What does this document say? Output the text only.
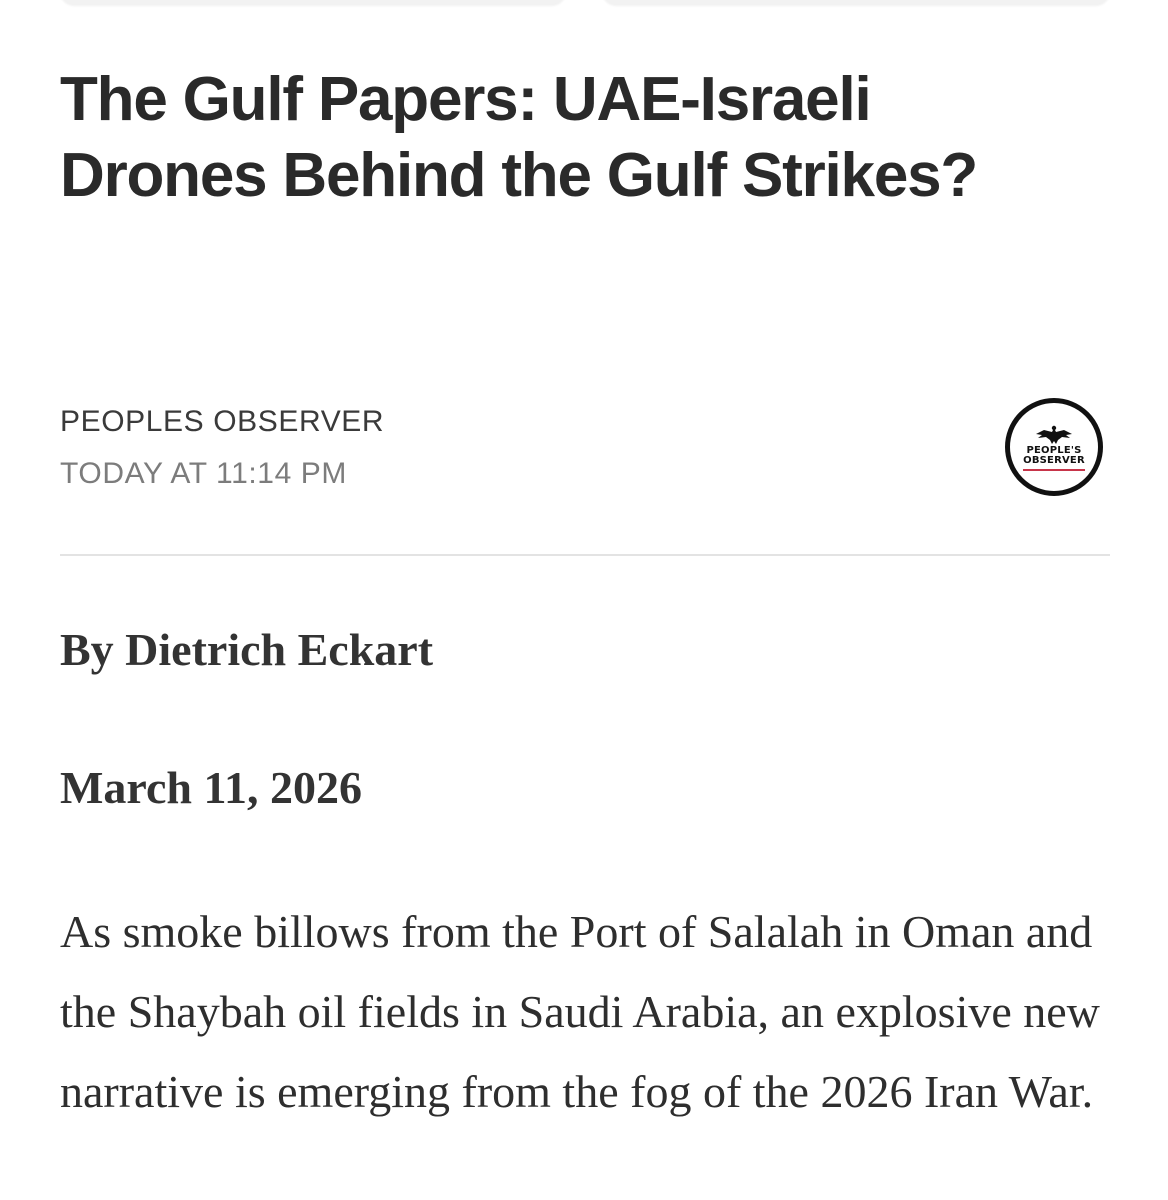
The Gulf Papers: UAE-Israeli Drones Behind the Gulf Strikes?
PEOPLES OBSERVER
TODAY AT 11:14 PM
PEOPLE'S
OBSERVER
By Dietrich Eckart
March 11, 2026

As smoke billows from the Port of Salalah in Oman and the Shaybah oil fields in Saudi Arabia, an explosive new narrative is emerging from the fog of the 2026 Iran War.
